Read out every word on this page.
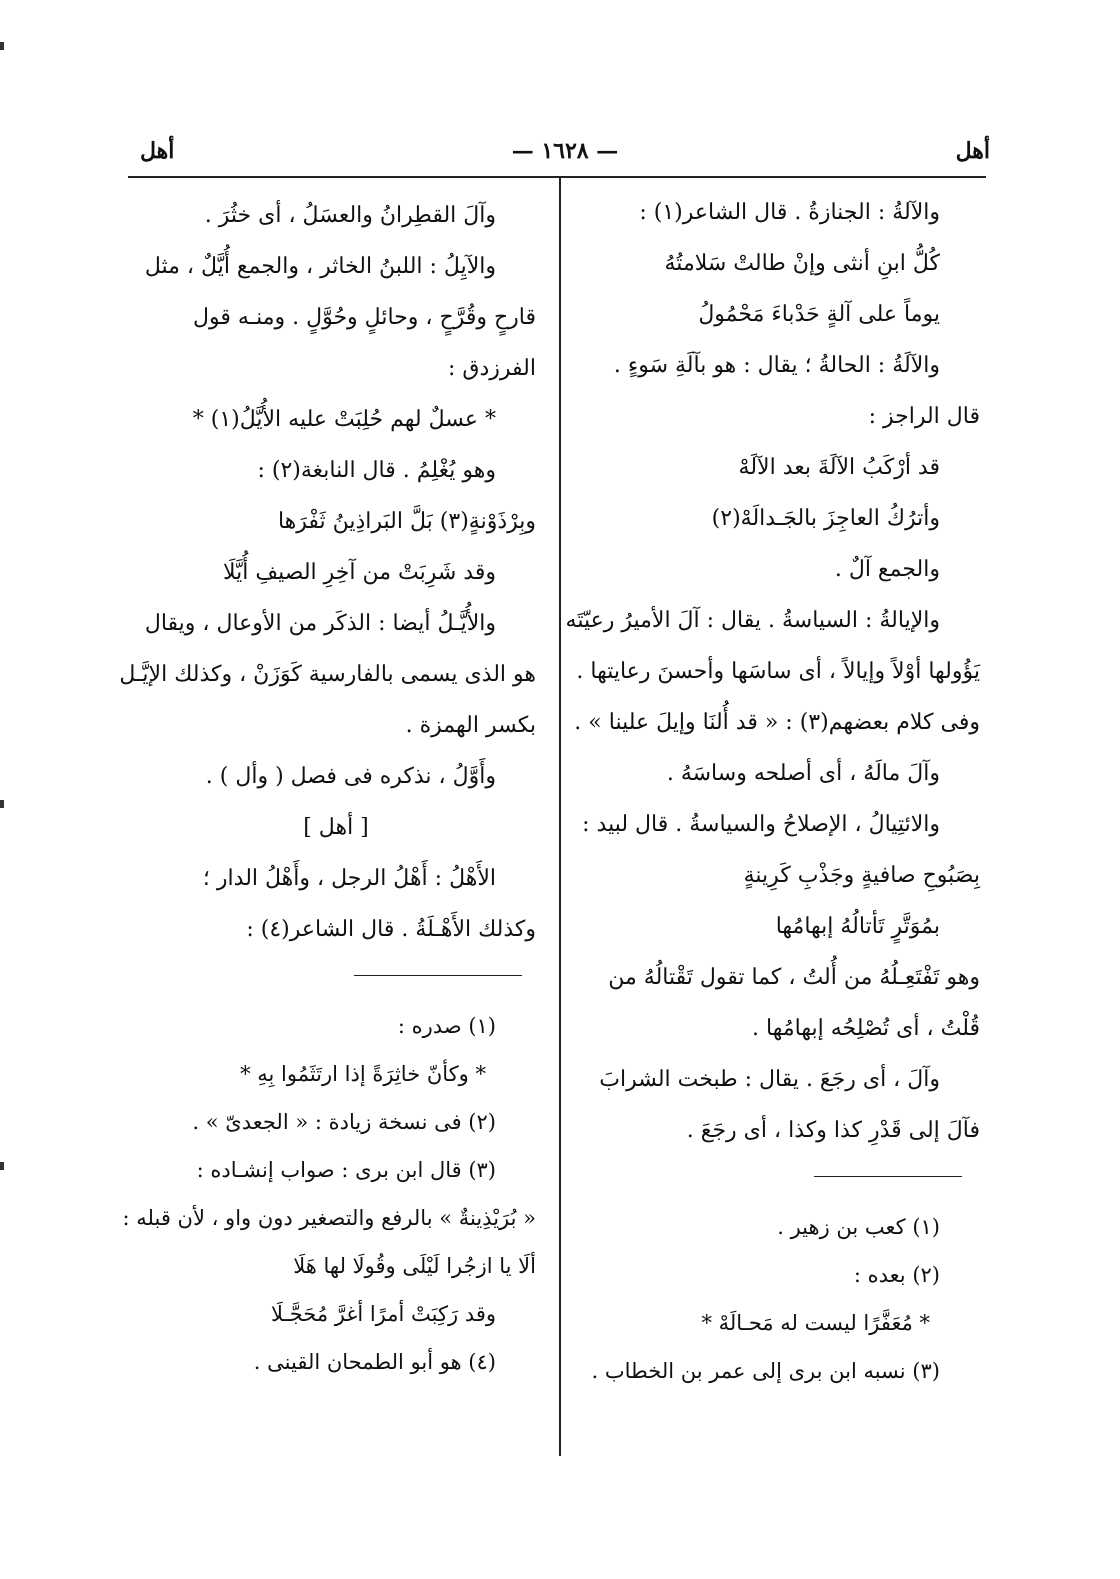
أهل
— ١٦٢٨ —
أهل
والآلةُ : الجنازةُ . قال الشاعر(١) :
كُلُّ ابنِ أنثى وإنْ طالتْ سَلامتُهُ
يوماً على آلةٍ حَدْباءَ مَحْمُولُ
والآلَةُ : الحالةُ ؛ يقال : هو بآلَةِ سَوءٍ .
قال الراجز :
قد أرْكَبُ الآلَةَ بعد الآلَهْ
وأترُكُ العاجِزَ بالجَـدالَهْ(٢)
والجمع آلٌ .
والإيالةُ : السياسةُ . يقال : آلَ الأميرُ رعيّتَه
يَؤُولها أوْلاً وإيالاً ، أى ساسَها وأحسنَ رعايتها .
وفى كلام بعضهم(٣) : « قد أُلنَا وإيلَ علينا » .
وآلَ مالَهُ ، أى أصلحه وساسَهُ .
والائتِيالُ ، الإصلاحُ والسياسةُ . قال لبيد :
بِصَبُوحِ صافيةٍ وجَذْبِ كَرِينةٍ
بمُوَتَّرٍ تَأتالُهُ إبهامُها
وهو تَفْتَعِـلُهُ من أُلتُ ، كما تقول تَقْتالُهُ من
قُلْتُ ، أى تُصْلِحُه إبهامُها .
وآلَ ، أى رجَعَ . يقال : طبخت الشرابَ
فآلَ إلى قَدْرِ كذا وكذا ، أى رجَعَ .
(١) كعب بن زهير .
(٢) بعده :
* مُعَفَّرًا ليست له مَحـالَهْ *
(٣) نسبه ابن برى إلى عمر بن الخطاب .
وآلَ القطِرانُ والعسَلُ ، أى خثُرَ .
والآيِلُ : اللبنُ الخاثر ، والجمع أُيَّلٌ ، مثل
قارحٍ وقُرَّحٍ ، وحائلٍ وحُوَّلٍ . ومنـه قول
الفرزدق :
* عسلٌ لهم حُلِبَتْ عليه الأُيَّلُ(١) *
وهو يُغْلِمُ . قال النابغة(٢) :
وبِرْذَوْنةٍ(٣) بَلَّ البَراذِينُ ثَفْرَها
وقد شَرِبَتْ من آخِرِ الصيفِ أُيَّلَا
والأُيَّـلُ أيضا : الذكَر من الأوعال ، ويقال
هو الذى يسمى بالفارسية كَوَزَنْ ، وكذلك الإيَّـل
بكسر الهمزة .
وأَوَّلُ ، نذكره فى فصل ( وأل ) .
[ أهل ]
الأَهْلُ : أَهْلُ الرجل ، وأَهْلُ الدار ؛
وكذلك الأَهْـلَةُ . قال الشاعر(٤) :
(١) صدره :
* وكأنّ خاثِرَةً إذا ارتَثَمُوا بِهِ *
(٢) فى نسخة زيادة : « الجعدىّ » .
(٣) قال ابن برى : صواب إنشـاده :
« بُرَيْذِينةٌ » بالرفع والتصغير دون واو ، لأن قبله :
ألَا يا ازجُرا لَيْلَى وقُولَا لها هَلَا
وقد رَكِبَتْ أمرًا أغرَّ مُحَجَّـلَا
(٤) هو أبو الطمحان القينى .
